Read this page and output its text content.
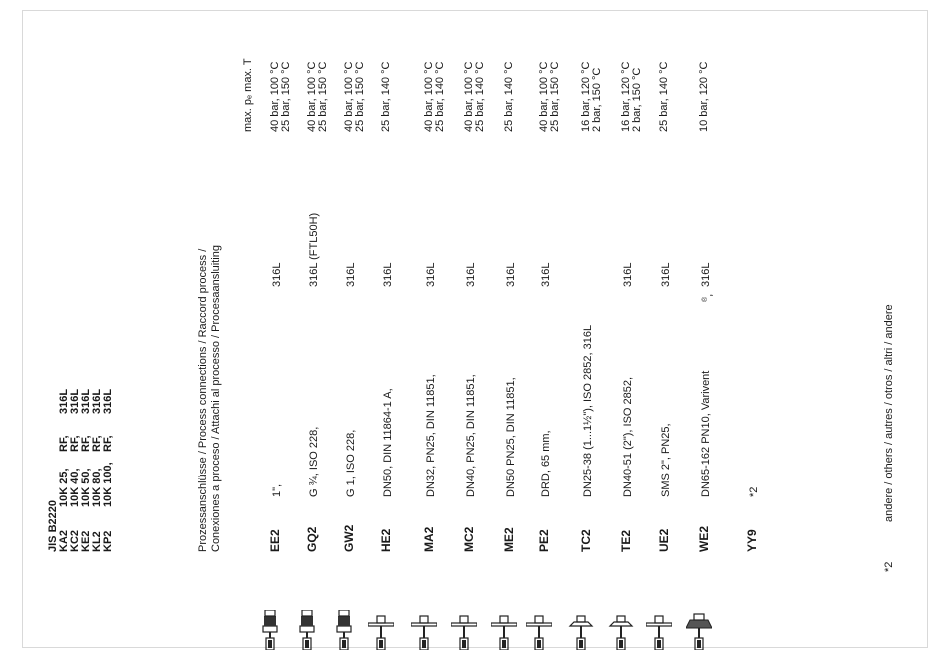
JIS B2220 KA2
10K 25,
RF,
316L
KC2
10K 40,
RF,
316L
KE2
10K 50,
RF,
316L
KL2
10K 80,
RF,
316L
KP2
10K 100,
RF,
316L	Prozessanschlüsse / Process connections / Raccord process / Conexiones a proceso / Attachi al processo / Procesaansluiting
max. pₑ max. T
EE2
1",
316L
40 bar, 100 °C 25 bar, 150 °C
GQ2
G ¾, ISO 228,
316L (FTL50H)
40 bar, 100 °C 25 bar, 150 °C
GW2
G 1, ISO 228,
316L
40 bar, 100 °C 25 bar, 150 °C
HE2
DN50, DIN 11864-1 A,
316L
25 bar, 140 °C
MA2
DN32, PN25, DIN 11851,
316L
40 bar, 100 °C 25 bar, 140 °C
MC2
DN40, PN25, DIN 11851,
316L
40 bar, 100 °C 25 bar, 140 °C
ME2
DN50 PN25, DIN 11851,
316L
25 bar, 140 °C
PE2
DRD, 65 mm,
316L
40 bar, 100 °C 25 bar, 150 °C
TC2
DN25-38 (1...1½"), ISO 2852, 316L
16 bar, 120 °C 2 bar, 150 °C
TE2
DN40-51 (2"), ISO 2852,
316L
16 bar, 120 °C 2 bar, 150 °C
UE2
SMS 2", PN25,
316L
25 bar, 140 °C
WE2
DN65-162 PN10, Varivent
®,
316L
10 bar, 120 °C
YY9
*2
*2
andere / others / autres / otros / altri / andere
